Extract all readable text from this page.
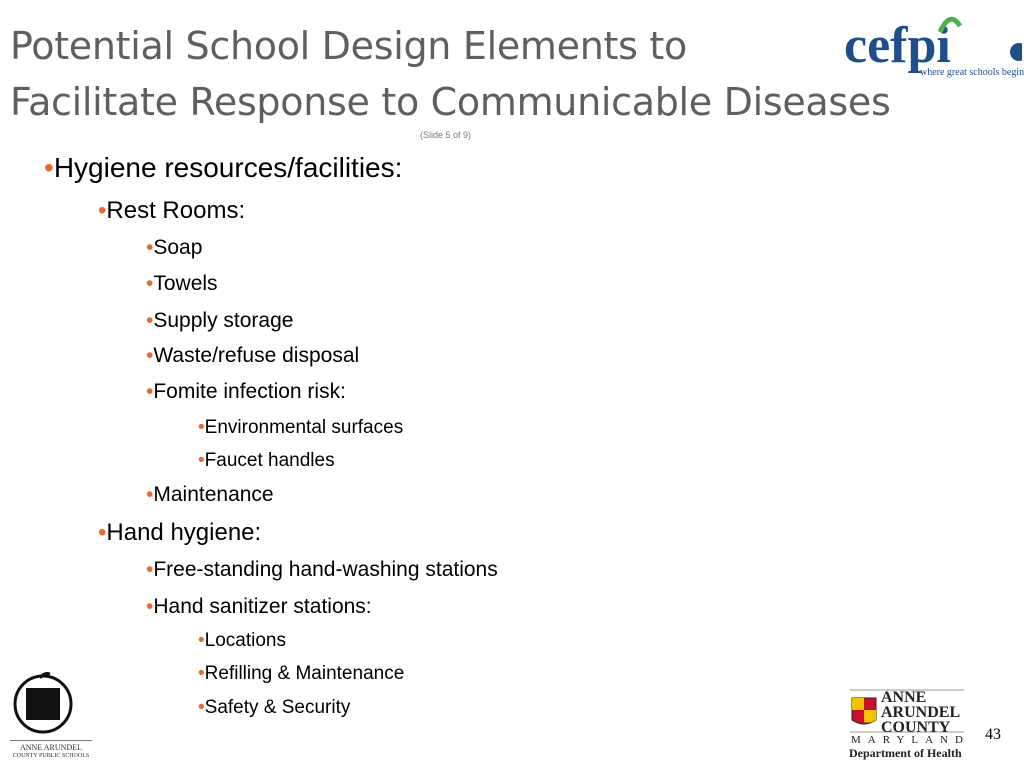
Potential School Design Elements to
Facilitate Response to Communicable Diseases
(Slide 5 of 9)
cefpi
where great schools begin
•Hygiene resources/facilities:
•Rest Rooms:
•Soap
•Towels
•Supply storage
•Waste/refuse disposal
•Fomite infection risk:
•Environmental surfaces
•Faucet handles
•Maintenance
•Hand hygiene:
•Free-standing hand-washing stations
•Hand sanitizer stations:
•Locations
•Refilling & Maintenance
•Safety & Security
ANNE ARUNDEL
COUNTY PUBLIC SCHOOLS
ANNE
ARUNDEL
COUNTY
MARYLAND
Department of Health
43
